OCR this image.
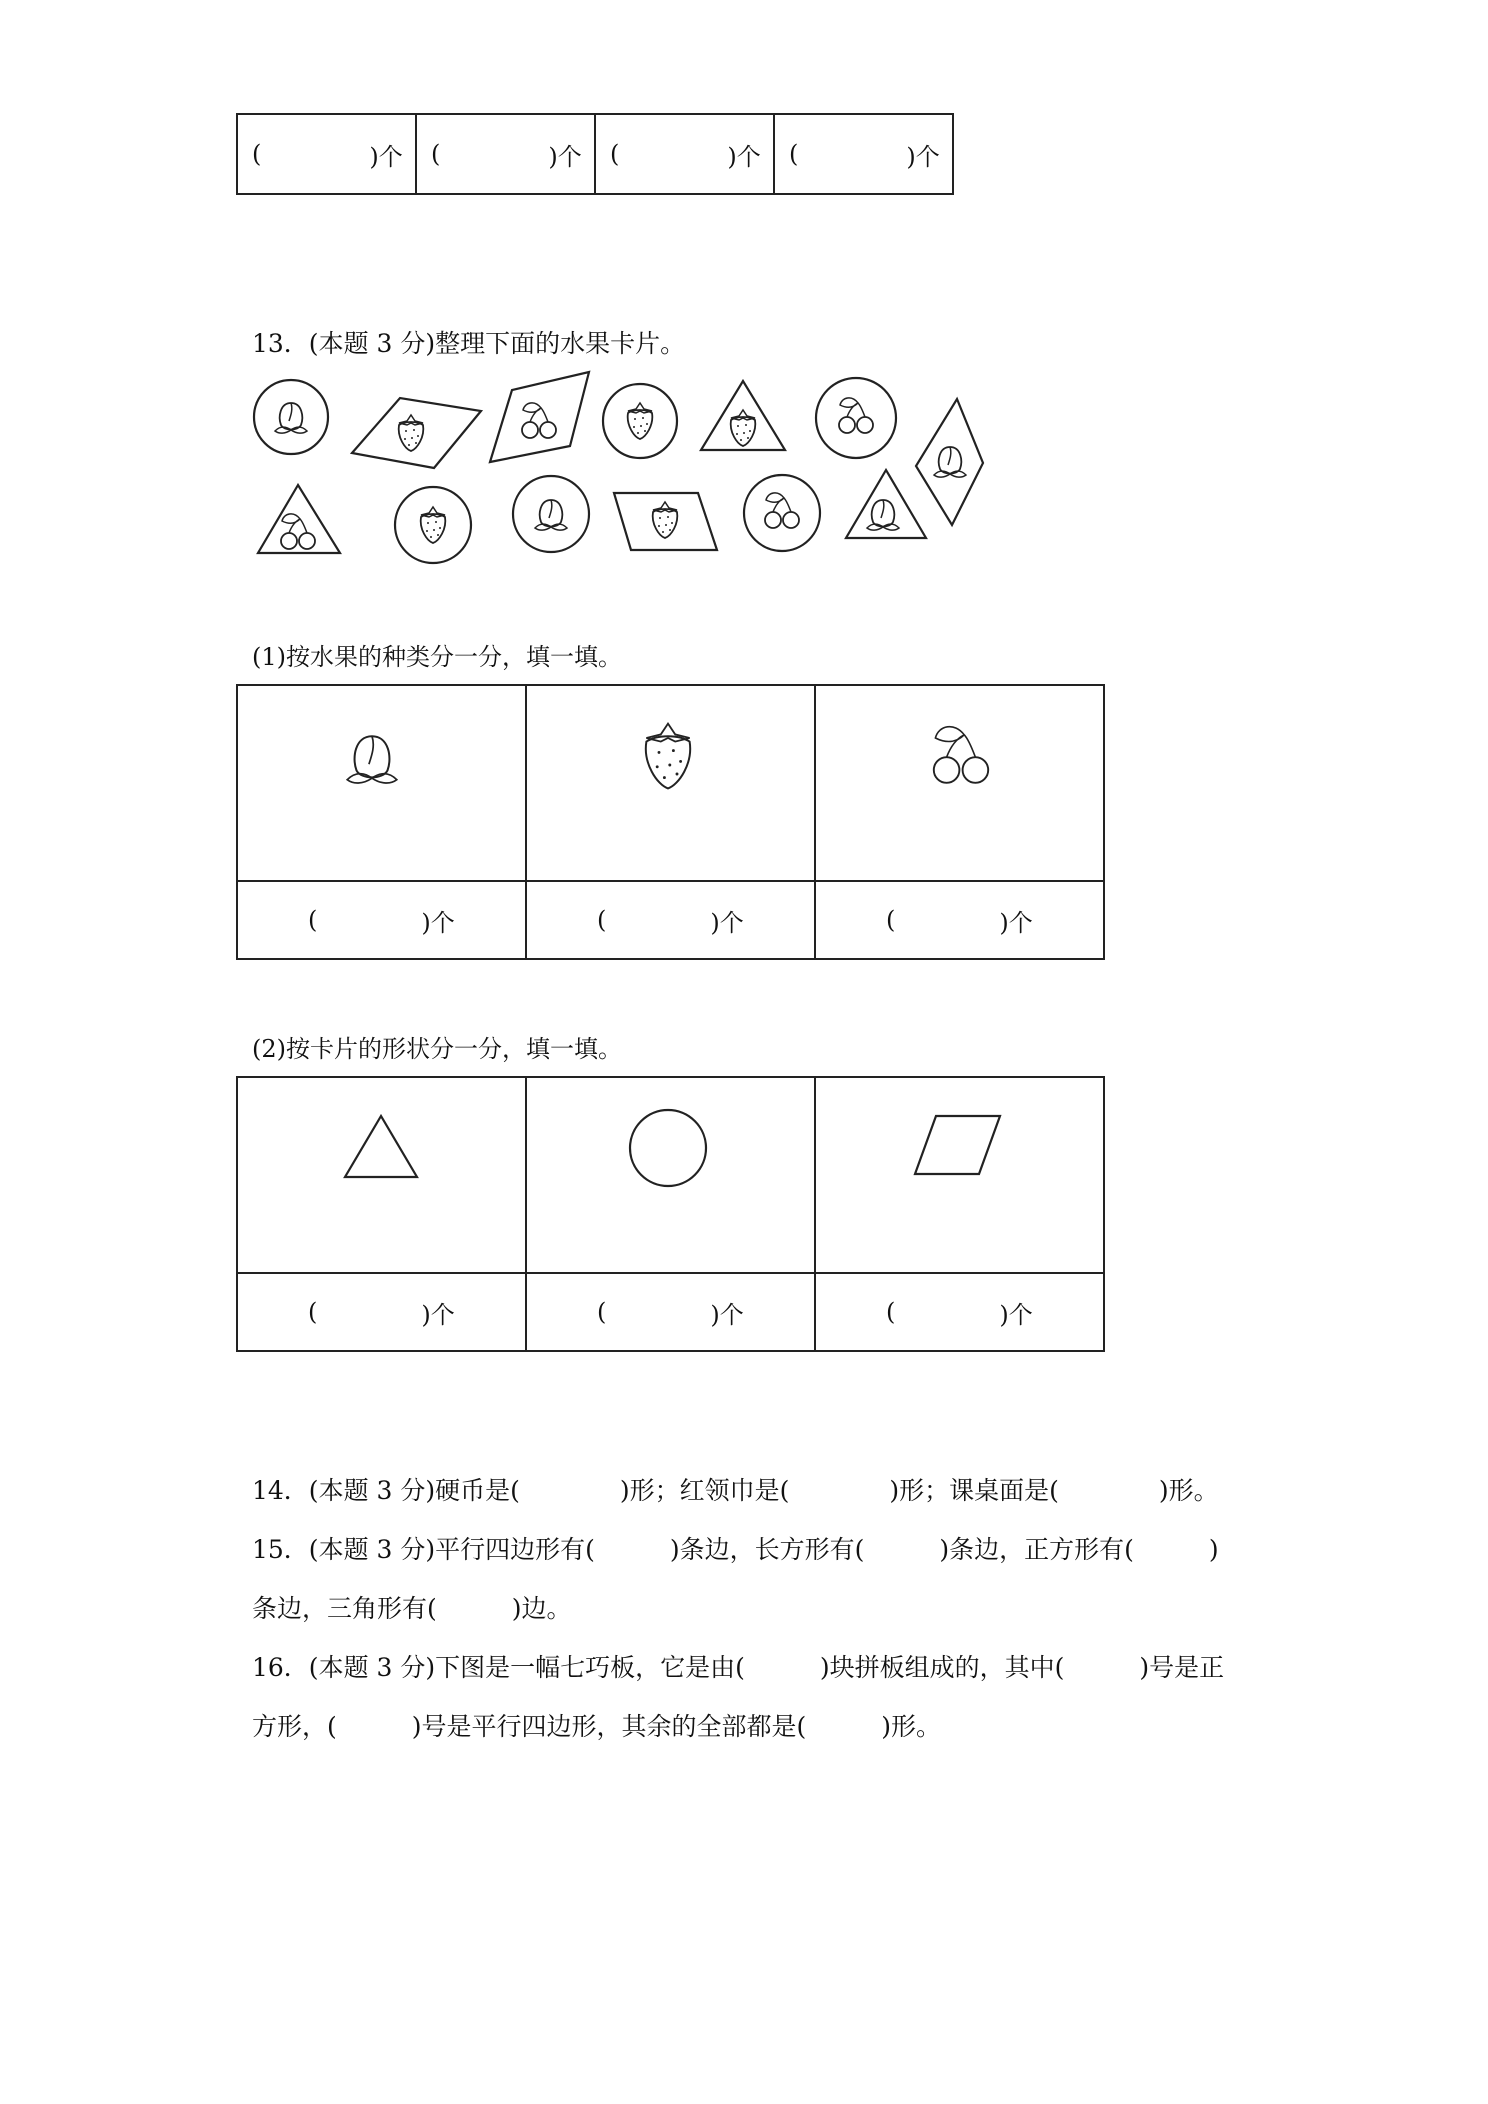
(	)个	(	)个	(	)个	(	)个
13．(本题 3 分)整理下面的水果卡片。
(1)按水果的种类分一分，填一填。

( )个	( )个	( )个
(2)按卡片的形状分一分，填一填。

( )个	( )个	( )个
14．(本题 3 分)硬币是(　　　　)形；红领巾是(　　　　)形；课桌面是(　　　　)形。
15．(本题 3 分)平行四边形有(　　　)条边，长方形有(　　　)条边，正方形有(　　　)
条边，三角形有(　　　)边。
16．(本题 3 分)下图是一幅七巧板，它是由(　　　)块拼板组成的，其中(　　　)号是正
方形，(　　　)号是平行四边形，其余的全部都是(　　　)形。
